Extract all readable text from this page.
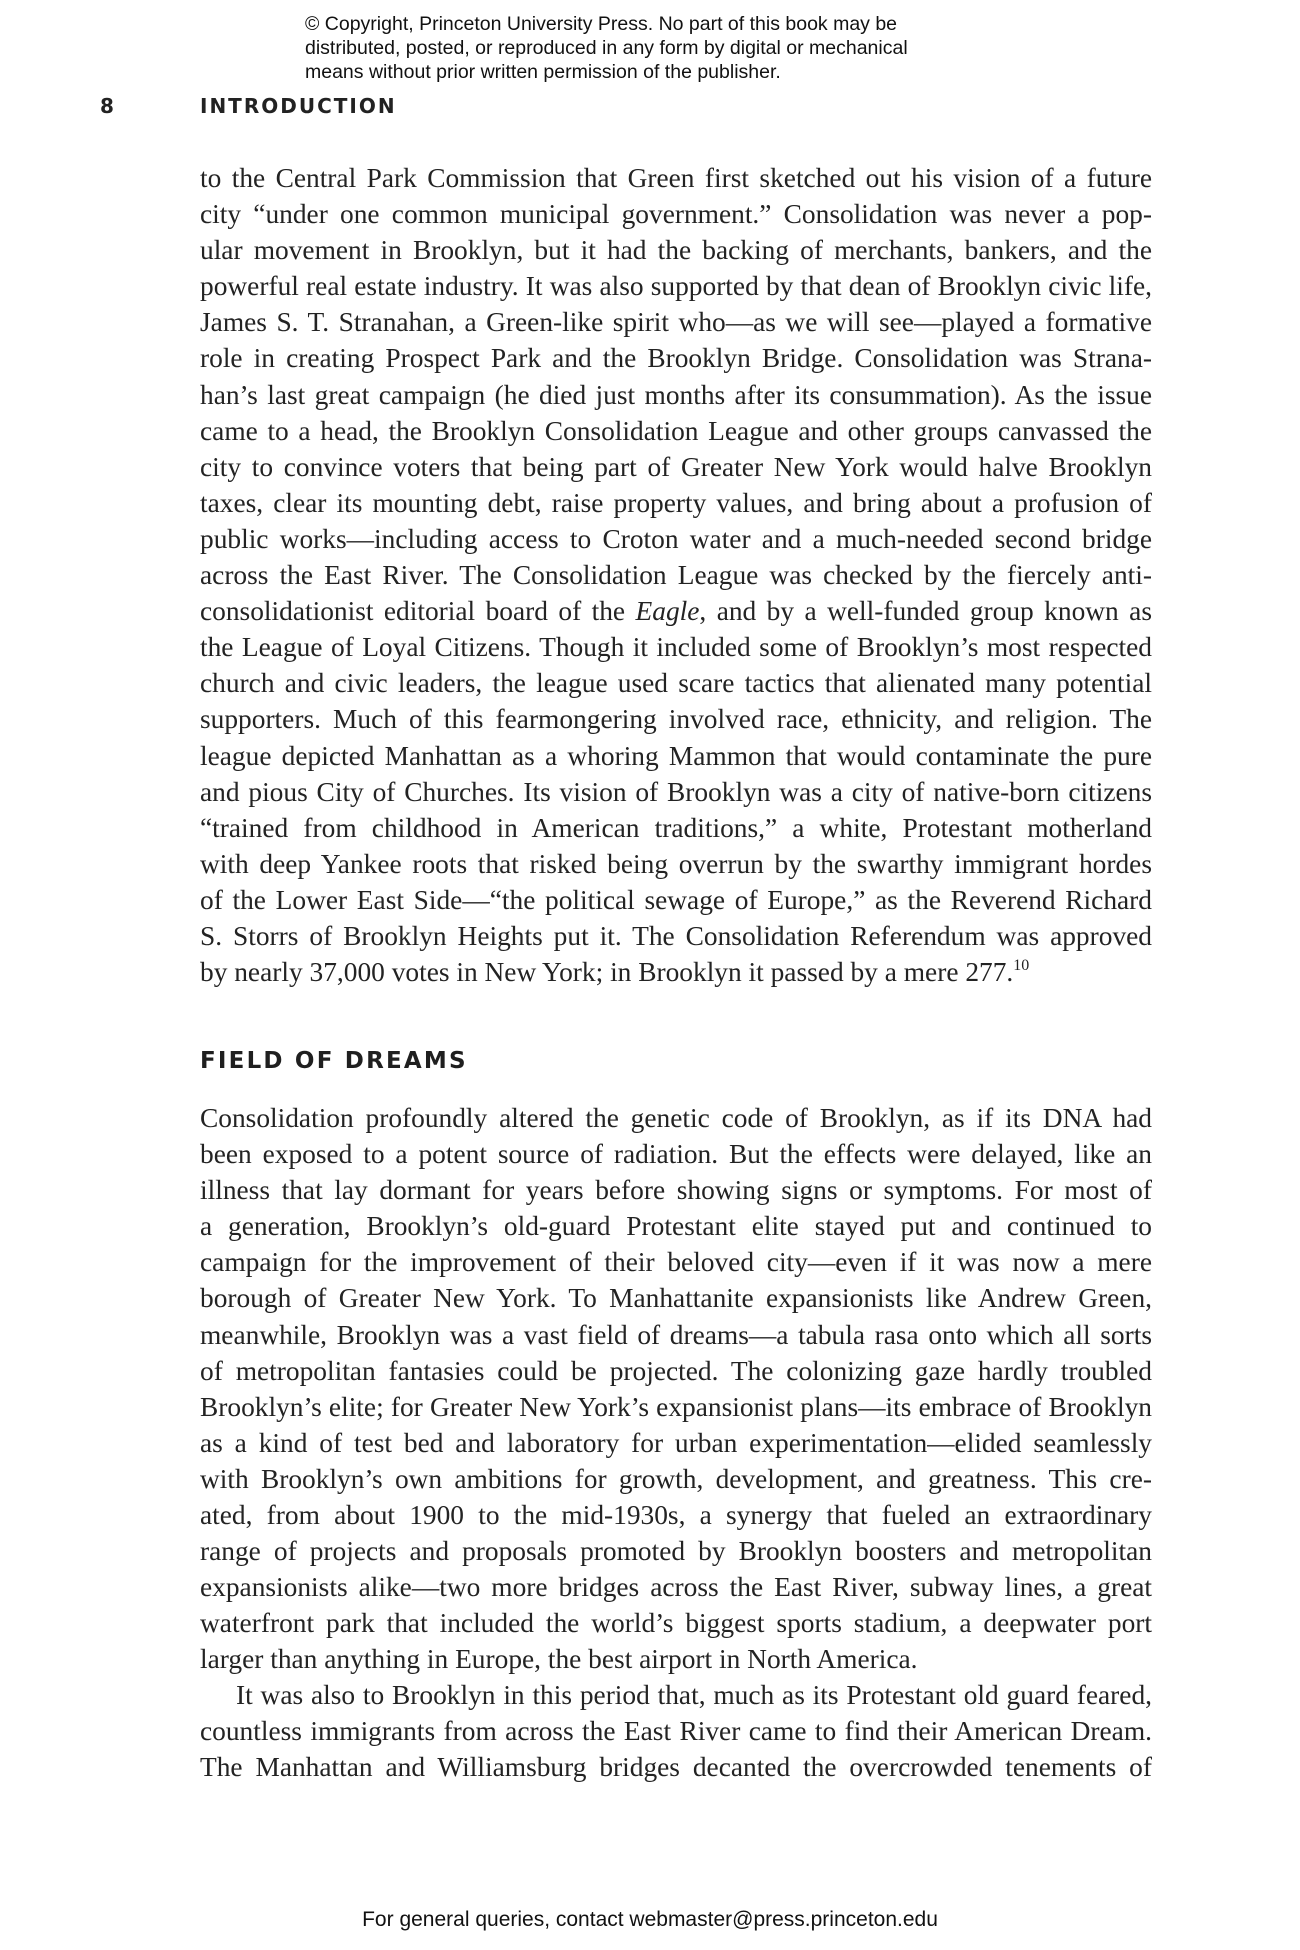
© Copyright, Princeton University Press. No part of this book may be
distributed, posted, or reproduced in any form by digital or mechanical
means without prior written permission of the publisher.
8	INTRODUCTION
to the Central Park Commission that Green first sketched out his vision of a future
city “under one common municipal government.” Consolidation was never a pop-
ular movement in Brooklyn, but it had the backing of merchants, bankers, and the
powerful real estate industry. It was also supported by that dean of Brooklyn civic life,
James S. T. Stranahan, a Green-like spirit who—as we will see—played a formative
role in creating Prospect Park and the Brooklyn Bridge. Consolidation was Strana-
han’s last great campaign (he died just months after its consummation). As the issue
came to a head, the Brooklyn Consolidation League and other groups canvassed the
city to convince voters that being part of Greater New York would halve Brooklyn
taxes, clear its mounting debt, raise property values, and bring about a profusion of
public works—including access to Croton water and a much-needed second bridge
across the East River. The Consolidation League was checked by the fiercely anti-
consolidationist editorial board of the Eagle, and by a well-funded group known as
the League of Loyal Citizens. Though it included some of Brooklyn’s most respected
church and civic leaders, the league used scare tactics that alienated many potential
supporters. Much of this fearmongering involved race, ethnicity, and religion. The
league depicted Manhattan as a whoring Mammon that would contaminate the pure
and pious City of Churches. Its vision of Brooklyn was a city of native-born citizens
“trained from childhood in American traditions,” a white, Protestant motherland
with deep Yankee roots that risked being overrun by the swarthy immigrant hordes
of the Lower East Side—“the political sewage of Europe,” as the Reverend Richard
S. Storrs of Brooklyn Heights put it. The Consolidation Referendum was approved
by nearly 37,000 votes in New York; in Brooklyn it passed by a mere 277.10
FIELD OF DREAMS
Consolidation profoundly altered the genetic code of Brooklyn, as if its DNA had
been exposed to a potent source of radiation. But the effects were delayed, like an
illness that lay dormant for years before showing signs or symptoms. For most of
a generation, Brooklyn’s old-guard Protestant elite stayed put and continued to
campaign for the improvement of their beloved city—even if it was now a mere
borough of Greater New York. To Manhattanite expansionists like Andrew Green,
meanwhile, Brooklyn was a vast field of dreams—a tabula rasa onto which all sorts
of metropolitan fantasies could be projected. The colonizing gaze hardly troubled
Brooklyn’s elite; for Greater New York’s expansionist plans—its embrace of Brooklyn
as a kind of test bed and laboratory for urban experimentation—elided seamlessly
with Brooklyn’s own ambitions for growth, development, and greatness. This cre-
ated, from about 1900 to the mid-1930s, a synergy that fueled an extraordinary
range of projects and proposals promoted by Brooklyn boosters and metropolitan
expansionists alike—two more bridges across the East River, subway lines, a great
waterfront park that included the world’s biggest sports stadium, a deepwater port
larger than anything in Europe, the best airport in North America.
It was also to Brooklyn in this period that, much as its Protestant old guard feared,
countless immigrants from across the East River came to find their American Dream.
The Manhattan and Williamsburg bridges decanted the overcrowded tenements of
For general queries, contact webmaster@press.princeton.edu
